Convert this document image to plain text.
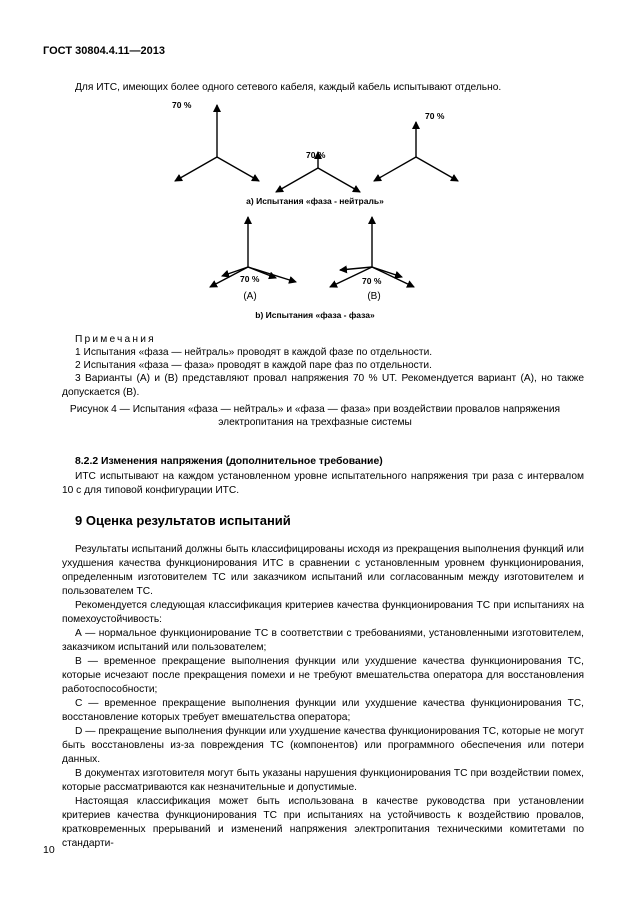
ГОСТ 30804.4.11—2013
Для ИТС, имеющих более одного сетевого кабеля, каждый кабель испытывают отдельно.
70 %
70 %
70 %
70 %	70 %
а) Испытания «фаза - нейтраль»
b) Испытания «фаза - фаза»
(A)	(B)
Примечания
1 Испытания «фаза — нейтраль» проводят в каждой фазе по отдельности.
2 Испытания «фаза — фаза» проводят в каждой паре фаз по отдельности.
3 Варианты (A) и (B) представляют провал напряжения 70 % UT. Рекомендуется вариант (А), но также допускается (В).
Рисунок 4 — Испытания «фаза — нейтраль» и «фаза — фаза» при воздействии провалов напряжения
электропитания на трехфазные системы
8.2.2 Изменения напряжения (дополнительное требование)
ИТС испытывают на каждом установленном уровне испытательного напряжения три раза с интервалом 10 с для типовой конфигурации ИТС.
9 Оценка результатов испытаний
Результаты испытаний должны быть классифицированы исходя из прекращения выполнения функций или ухудшения качества функционирования ИТС в сравнении с установленным уровнем функционирования, определенным изготовителем ТС или заказчиком испытаний или согласованным между изготовителем и пользователем ТС.
Рекомендуется следующая классификация критериев качества функционирования ТС при испытаниях на помехоустойчивость:
А — нормальное функционирование ТС в соответствии с требованиями, установленными изготовителем, заказчиком испытаний или пользователем;
В — временное прекращение выполнения функции или ухудшение качества функционирования ТС, которые исчезают после прекращения помехи и не требуют вмешательства оператора для восстановления работоспособности;
С — временное прекращение выполнения функции или ухудшение качества функционирования ТС, восстановление которых требует вмешательства оператора;
D — прекращение выполнения функции или ухудшение качества функционирования ТС, которые не могут быть восстановлены из-за повреждения ТС (компонентов) или программного обеспечения или потери данных.
В документах изготовителя могут быть указаны нарушения функционирования ТС при воздействии помех, которые рассматриваются как незначительные и допустимые.
Настоящая классификация может быть использована в качестве руководства при установлении критериев качества функционирования ТС при испытаниях на устойчивость к воздействию провалов, кратковременных прерываний и изменений напряжения электропитания техническими комитетами по стандарти-
10
